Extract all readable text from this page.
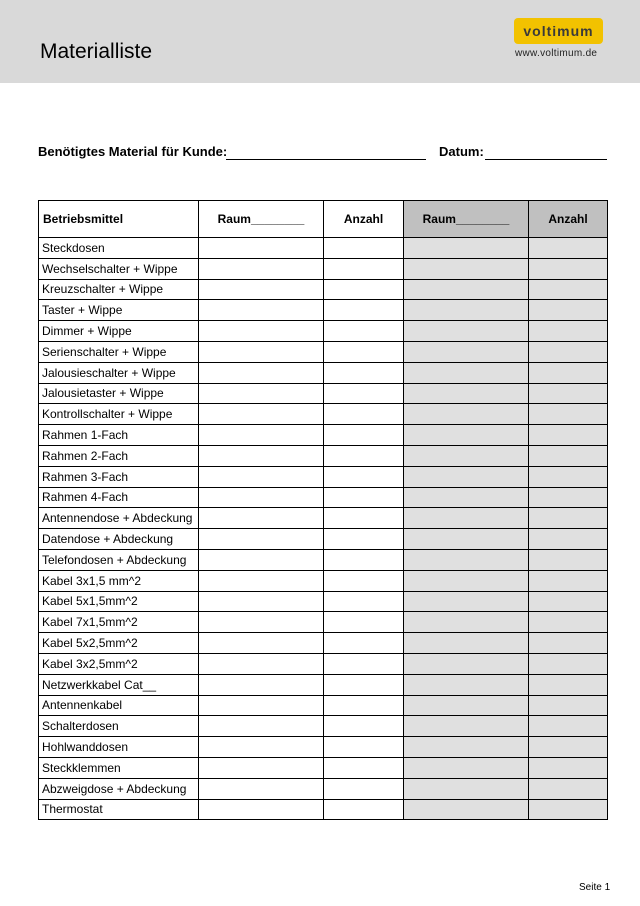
Materialliste
voltimum
www.voltimum.de
Benötigtes Material für Kunde:	Datum:
Betriebsmittel	Raum________	Anzahl	Raum________	Anzahl
Steckdosen				
Wechselschalter + Wippe				
Kreuzschalter + Wippe				
Taster + Wippe				
Dimmer + Wippe				
Serienschalter + Wippe				
Jalousieschalter + Wippe				
Jalousietaster + Wippe				
Kontrollschalter + Wippe				
Rahmen 1-Fach				
Rahmen 2-Fach				
Rahmen 3-Fach				
Rahmen 4-Fach				
Antennendose + Abdeckung				
Datendose + Abdeckung				
Telefondosen + Abdeckung				
Kabel 3x1,5 mm^2				
Kabel 5x1,5mm^2				
Kabel 7x1,5mm^2				
Kabel 5x2,5mm^2				
Kabel 3x2,5mm^2				
Netzwerkkabel Cat__				
Antennenkabel				
Schalterdosen				
Hohlwanddosen				
Steckklemmen				
Abzweigdose + Abdeckung				
Thermostat				
Seite 1
